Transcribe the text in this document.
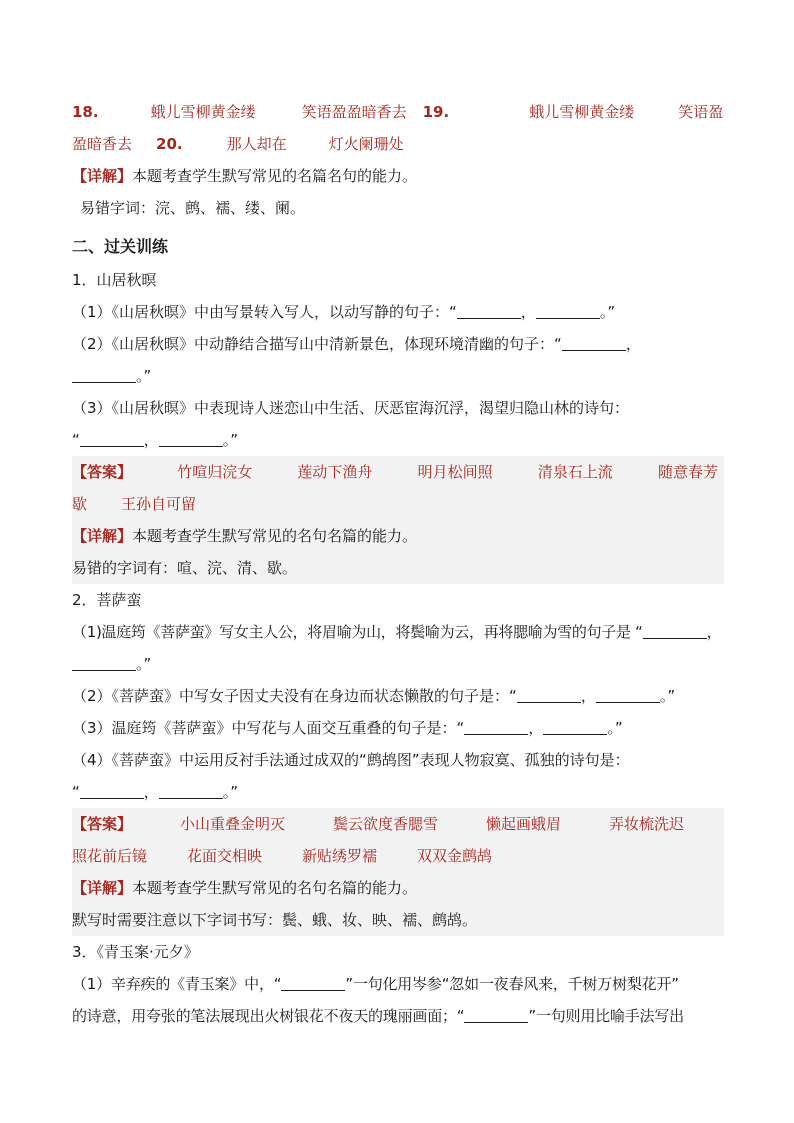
18.	蛾儿雪柳黄金缕	笑语盈盈暗香去 19.	蛾儿雪柳黄金缕	笑语盈
盈暗香去 20.	那人却在	灯火阑珊处
【详解】本题考查学生默写常见的名篇名句的能力。
易错字词：浣、鹧、襦、缕、阑。
二、过关训练
1．山居秋暝
（1）《山居秋暝》中由写景转入写人，以动写静的句子：“	，	。”
（2）《山居秋暝》中动静结合描写山中清新景色，体现环境清幽的句子：“	，
。”
（3）《山居秋暝》中表现诗人迷恋山中生活、厌恶宦海沉浮，渴望归隐山林的诗句：
“	，	。”
【答案】	竹喧归浣女	莲动下渔舟	明月松间照	清泉石上流	随意春芳
歇 王孙自可留
【详解】本题考查学生默写常见的名句名篇的能力。
易错的字词有：喧、浣、清、歇。
2．菩萨蛮
（1)温庭筠《菩萨蛮》写女主人公，将眉喻为山，将鬓喻为云，再将腮喻为雪的句子是 “	，
。”
（2）《菩萨蛮》中写女子因丈夫没有在身边而状态懒散的句子是：“	，	。”
（3）温庭筠《菩萨蛮》中写花与人面交互重叠的句子是：“	，	。”
（4）《菩萨蛮》中运用反衬手法通过成双的“鹧鸪图”表现人物寂寞、孤独的诗句是：
“	，	。”
【答案】	小山重叠金明灭	鬓云欲度香腮雪	懒起画蛾眉	弄妆梳洗迟
照花前后镜	花面交相映	新贴绣罗襦	双双金鹧鸪
【详解】本题考查学生默写常见的名句名篇的能力。
默写时需要注意以下字词书写：鬓、蛾、妆、映、襦、鹧鸪。
3．《青玉案·元夕》
（1）辛弃疾的《青玉案》中，“	”一句化用岑参“忽如一夜春风来，千树万树梨花开”
的诗意，用夸张的笔法展现出火树银花不夜天的瑰丽画面；“	”一句则用比喻手法写出
